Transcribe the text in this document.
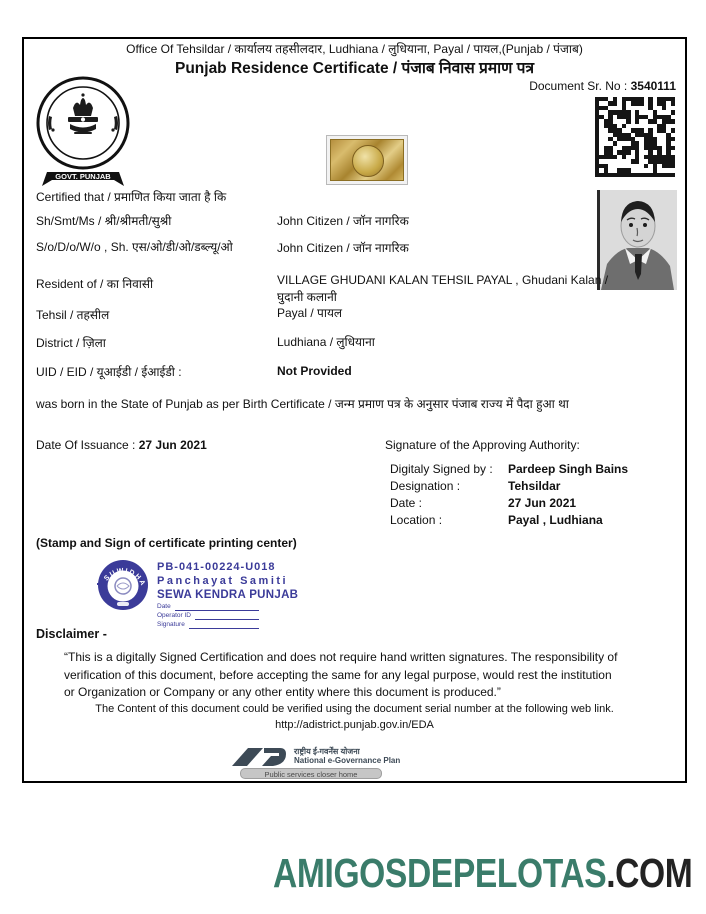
Office Of Tehsildar / कार्यालय तहसीलदार, Ludhiana / लुधियाना, Payal / पायल,(Punjab / पंजाब)
Punjab Residence Certificate / पंजाब निवास प्रमाण पत्र
Document Sr. No : 3540111
GOVT. PUNJAB
Certified that / प्रमाणित किया जाता है कि
Sh/Smt/Ms / श्री/श्रीमती/सुश्री	John Citizen / जॉन नागरिक
S/o/D/o/W/o , Sh. एस/ओ/डी/ओ/डब्ल्यू/ओ	John Citizen / जॉन नागरिक
Resident of / का निवासी	VILLAGE GHUDANI KALAN TEHSIL PAYAL , Ghudani Kalan / घुदानी कलानी
Tehsil / तहसील	Payal / पायल
District / ज़िला	Ludhiana / लुधियाना
UID / EID / यूआईडी / ईआईडी :	Not Provided
was born in the State of Punjab as per Birth Certificate / जन्म प्रमाण पत्र के अनुसार पंजाब राज्य में पैदा हुआ था
Date Of Issuance : 27 Jun 2021	Signature of the Approving Authority:
Digitaly Signed by : Pardeep Singh Bains
Designation :	Tehsildar
Date :	27 Jun 2021
Location :	Payal , Ludhiana
(Stamp and Sign of certificate printing center)
SUWIDHA
PB-041-00224-U018
Panchayat Samiti
SEWA KENDRA PUNJAB
Date
Operator ID
Signature
Disclaimer -
“This is a digitally Signed Certification and does not require hand written signatures. The responsibility of verification of this document, before accepting the same for any legal purpose, would rest the institution or Organization or Company or any other entity where this document is produced.”
The Content of this document could be verified using the document serial number at the following web link.
http://adistrict.punjab.gov.in/EDA
राष्ट्रीय ई-गवर्नेंस योजना
National e-Governance Plan
Public services closer home
AMIGOSDEPELOTAS.COM
